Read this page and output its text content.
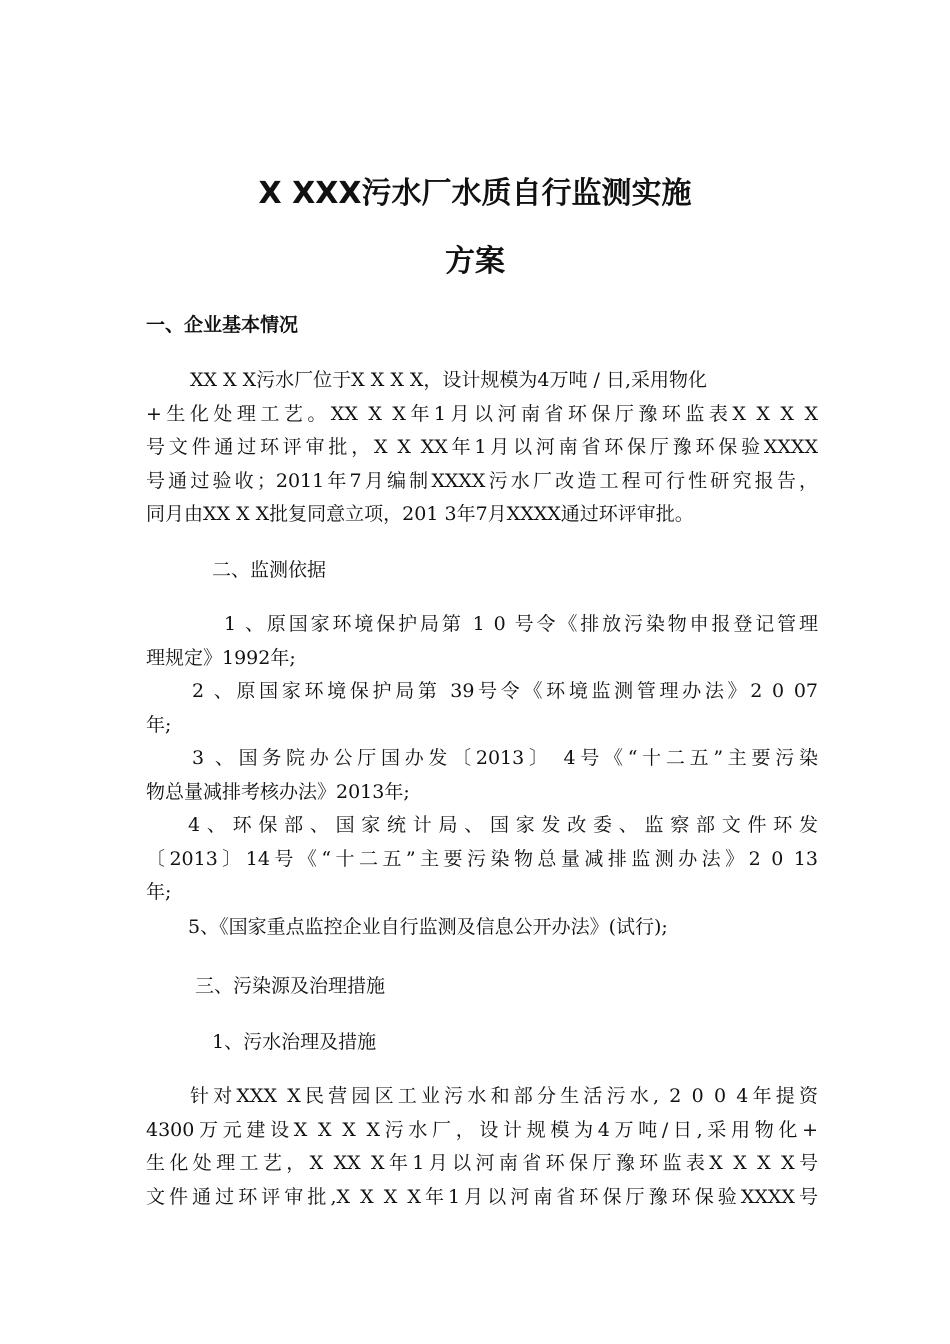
X XXX污水厂水质自行监测实施
方案
一、企业基本情况
XX X X污水厂位于X X X X，设计规模为4万吨 / 日,采用物化
+生化处理工艺。XX X X年1月以河南省环保厅豫环监表X X X X
号文件通过环评审批，X X XX年1月以河南省环保厅豫环保验XXXX
号通过验收；2011年7月编制XXXX污水厂改造工程可行性研究报告，
同月由XX X X批复同意立项，201 3年7月XXXX通过环评审批。
二、监测依据
1 、原国家环境保护局第 1 0 号令《排放污染物申报登记管理
理规定》1992年;
2 、原国家环境保护局第 39号令《环境监测管理办法》2 0 07
年;
3 、国务院办公厅国办发〔2013〕 4号《“十二五”主要污染
物总量减排考核办法》2013年;
4、环保部、国家统计局、国家发改委、监察部文件环发
〔2013〕14号《“十二五”主要污染物总量减排监测办法》2 0 13
年;
5、《国家重点监控企业自行监测及信息公开办法》(试行);
三、污染源及治理措施
1、污水治理及措施
针对XXX X民营园区工业污水和部分生活污水, 2 0 0 4年提资
4300万元建设X X X X污水厂，设计规模为4万吨/日,采用物化+
生化处理工艺，X XX X年1月以河南省环保厅豫环监表X X X X号
文件通过环评审批,X X X X年1月以河南省环保厅豫环保验XXXX号
